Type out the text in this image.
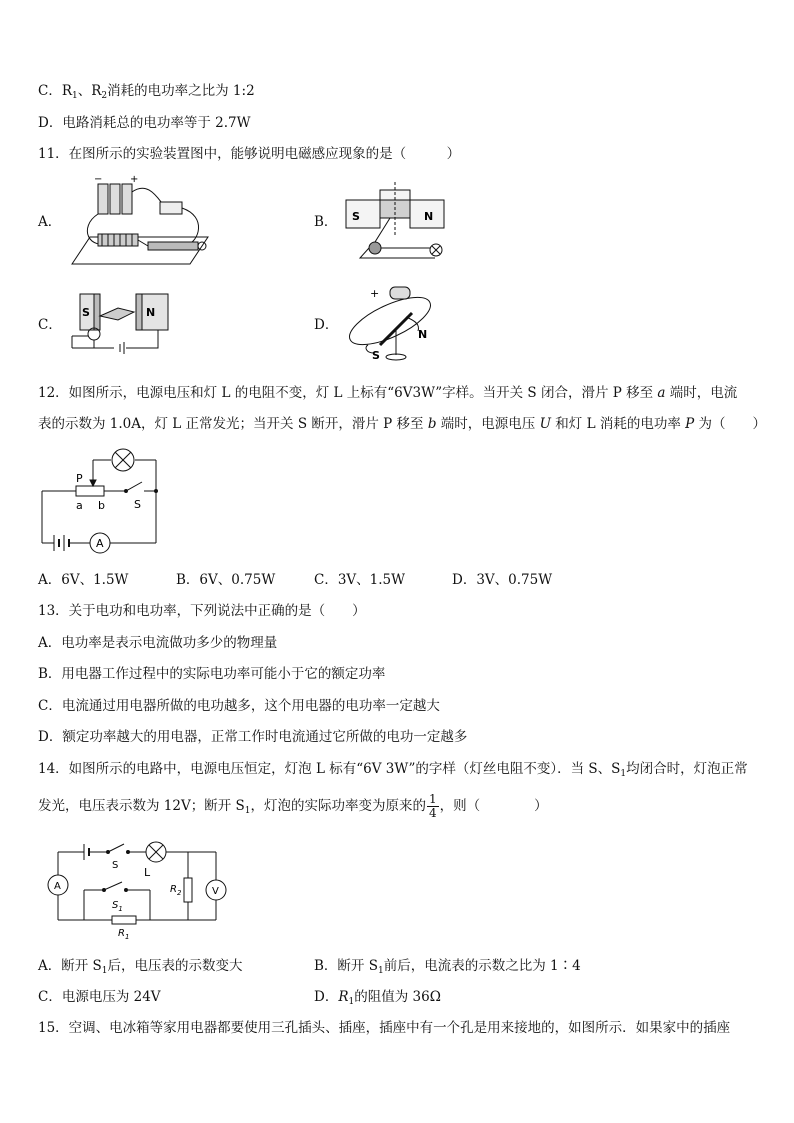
C．$R_1$、$R_2$消耗的电功率之比为 1:2
D．电路消耗总的电功率等于 2.7W
11．在图所示的实验装置图中，能够说明电磁感应现象的是（　　　）
A．	B．
C．	D．
−	+
S	N
S	N
+
N
S
12．如图所示，电源电压和灯 L 的电阻不变，灯 L 上标有“6V3W”字样。当开关 S 闭合，滑片 P 移至 a 端时，电流
表的示数为 1.0A，灯 L 正常发光；当开关 S 断开，滑片 P 移至 b 端时，电源电压 U 和灯 L 消耗的电功率 P 为（　　）
P
a b	S
A
A．6V、1.5W	B．6V、0.75W	C．3V、1.5W	D．3V、0.75W
13．关于电功和电功率，下列说法中正确的是（　　）
A．电功率是表示电流做功多少的物理量
B．用电器工作过程中的实际电功率可能小于它的额定功率
C．电流通过用电器所做的电功越多，这个用电器的电功率一定越大
D．额定功率越大的用电器，正常工作时电流通过它所做的电功一定越多
14．如图所示的电路中，电源电压恒定，灯泡 L 标有“6V 3W”的字样（灯丝电阻不变）．当 S、$S_1$均闭合时，灯泡正常
发光，电压表示数为 12V；断开 $S_1$，灯泡的实际功率变为原来的 $\frac{1}{4}$ ，则（　　　　）
S
L
$S_1$
$R_2$
$R_1$
A	V
A．断开 $S_1$后，电压表的示数变大	B．断开 $S_1$前后，电流表的示数之比为 1∶4
C．电源电压为 24V	D．$R_1$的阻值为 36Ω
15．空调、电冰箱等家用电器都要使用三孔插头、插座，插座中有一个孔是用来接地的，如图所示．如果家中的插座
